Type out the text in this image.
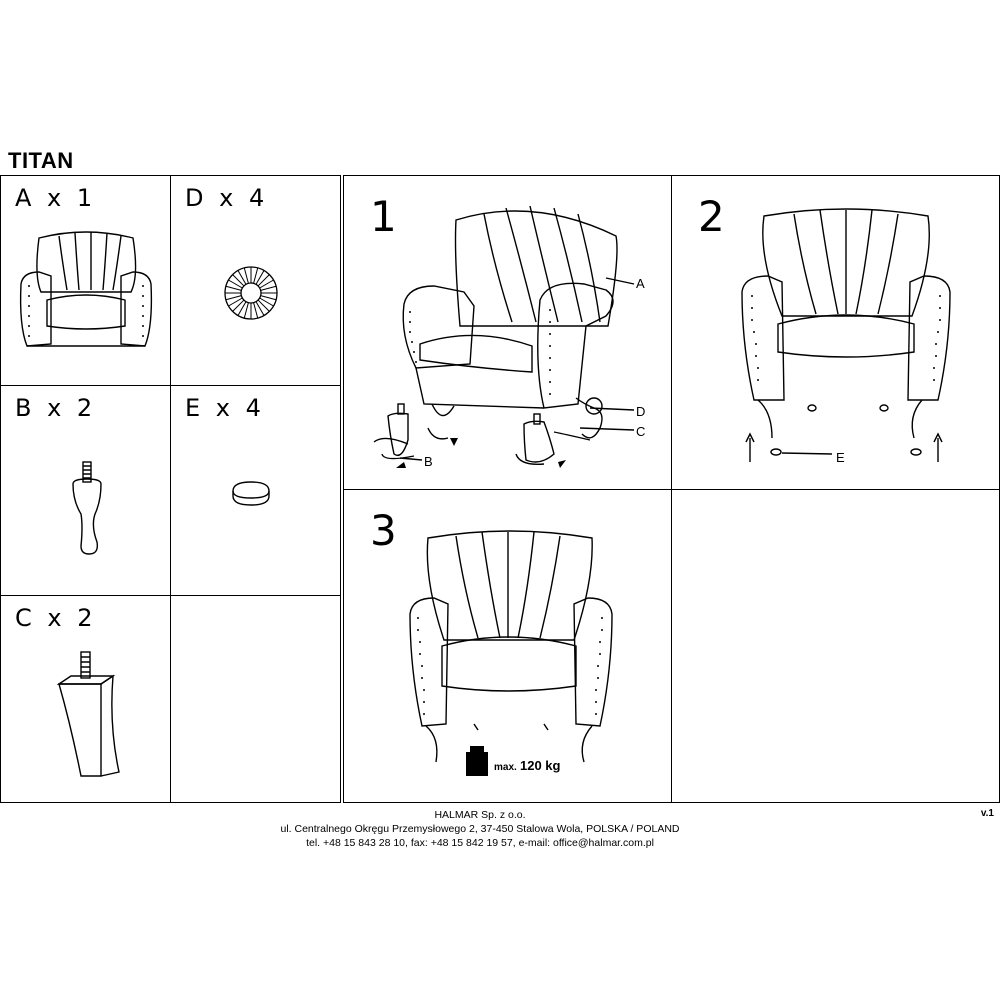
TITAN
A x 1	D x 4
B x 2	E x 4
C x 2
1
A
D
C
B
2
E
3
max. 120 kg
HALMAR Sp. z o.o.
ul. Centralnego Okręgu Przemysłowego 2, 37-450 Stalowa Wola, POLSKA / POLAND
tel. +48 15 843 28 10, fax: +48 15 842 19 57, e-mail: office@halmar.com.pl
v.1
